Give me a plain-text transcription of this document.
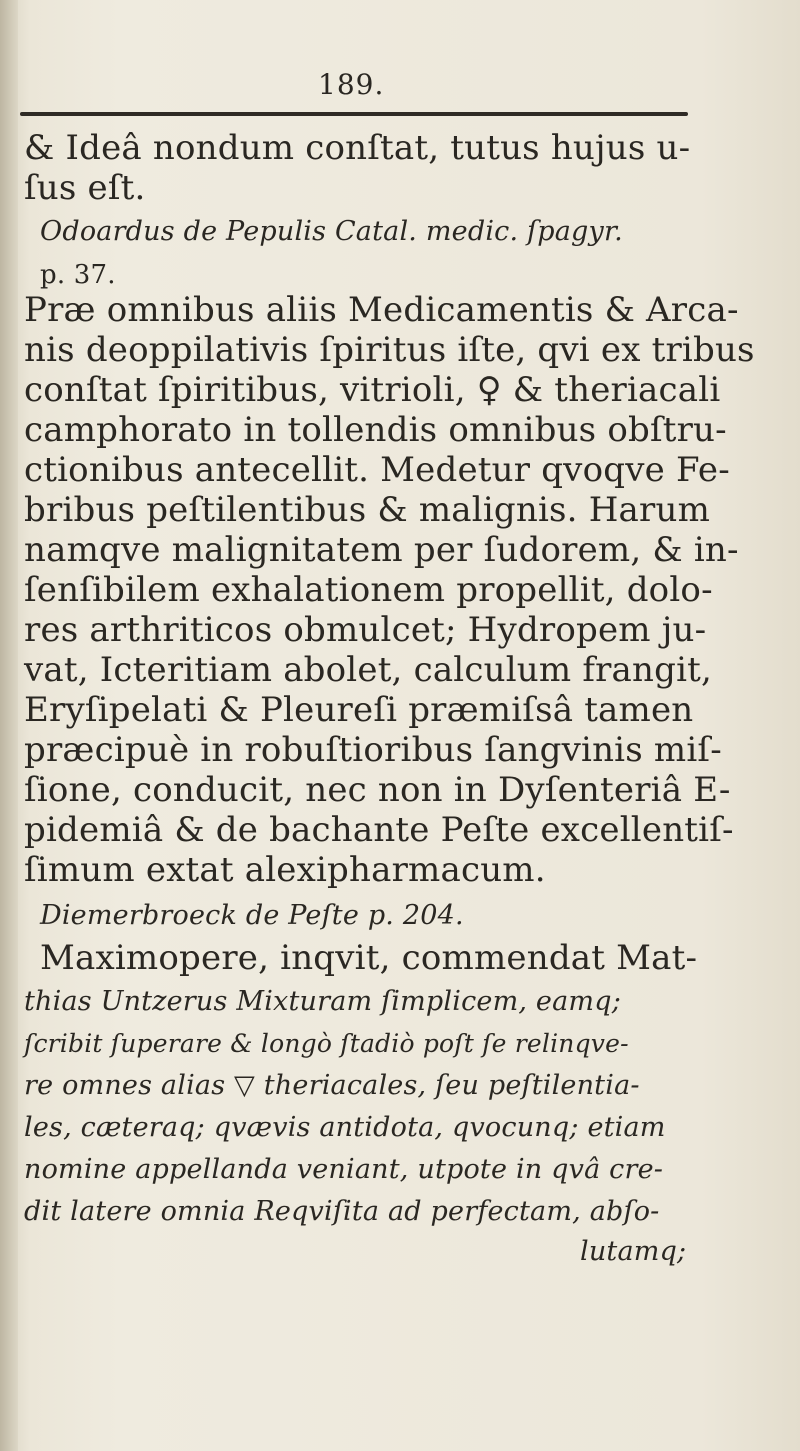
189.
& Ideâ nondum conſtat, tutus hujus u-
ſus eſt.
Odoardus de Pepulis Catal. medic. ſpagyr.
p. 37.
Præ omnibus aliis Medicamentis & Arca-
nis deoppilativis ſpiritus iſte, qvi ex tribus
conſtat ſpiritibus, vitrioli, ♀ & theriacali
camphorato in tollendis omnibus obſtru-
ctionibus antecellit. Medetur qvoqve Fe-
bribus peſtilentibus & malignis. Harum
namqve malignitatem per ſudorem, & in-
ſenſibilem exhalationem propellit, dolo-
res arthriticos obmulcet; Hydropem ju-
vat, Icteritiam abolet, calculum frangit,
Eryſipelati & Pleureſi præmiſsâ tamen
præcipuè in robuſtioribus ſangvinis miſ-
ſione, conducit, nec non in Dyſenteriâ E-
pidemiâ & de bachante Peſte excellentiſ-
ſimum extat alexipharmacum.
Diemerbroeck de Peſte p. 204.
Maximopere, inqvit, commendat Mat-
thias Untzerus Mixturam ſimplicem, eamq;
ſcribit ſuperare & longò ſtadiò poſt ſe relinqve-
re omnes alias ▽ theriacales, ſeu peſtilentia-
les, cæteraq; qvævis antidota, qvocunq; etiam
nomine appellanda veniant, utpote in qvâ cre-
dit latere omnia Reqviſita ad perfectam, abſo-
lutamq;
